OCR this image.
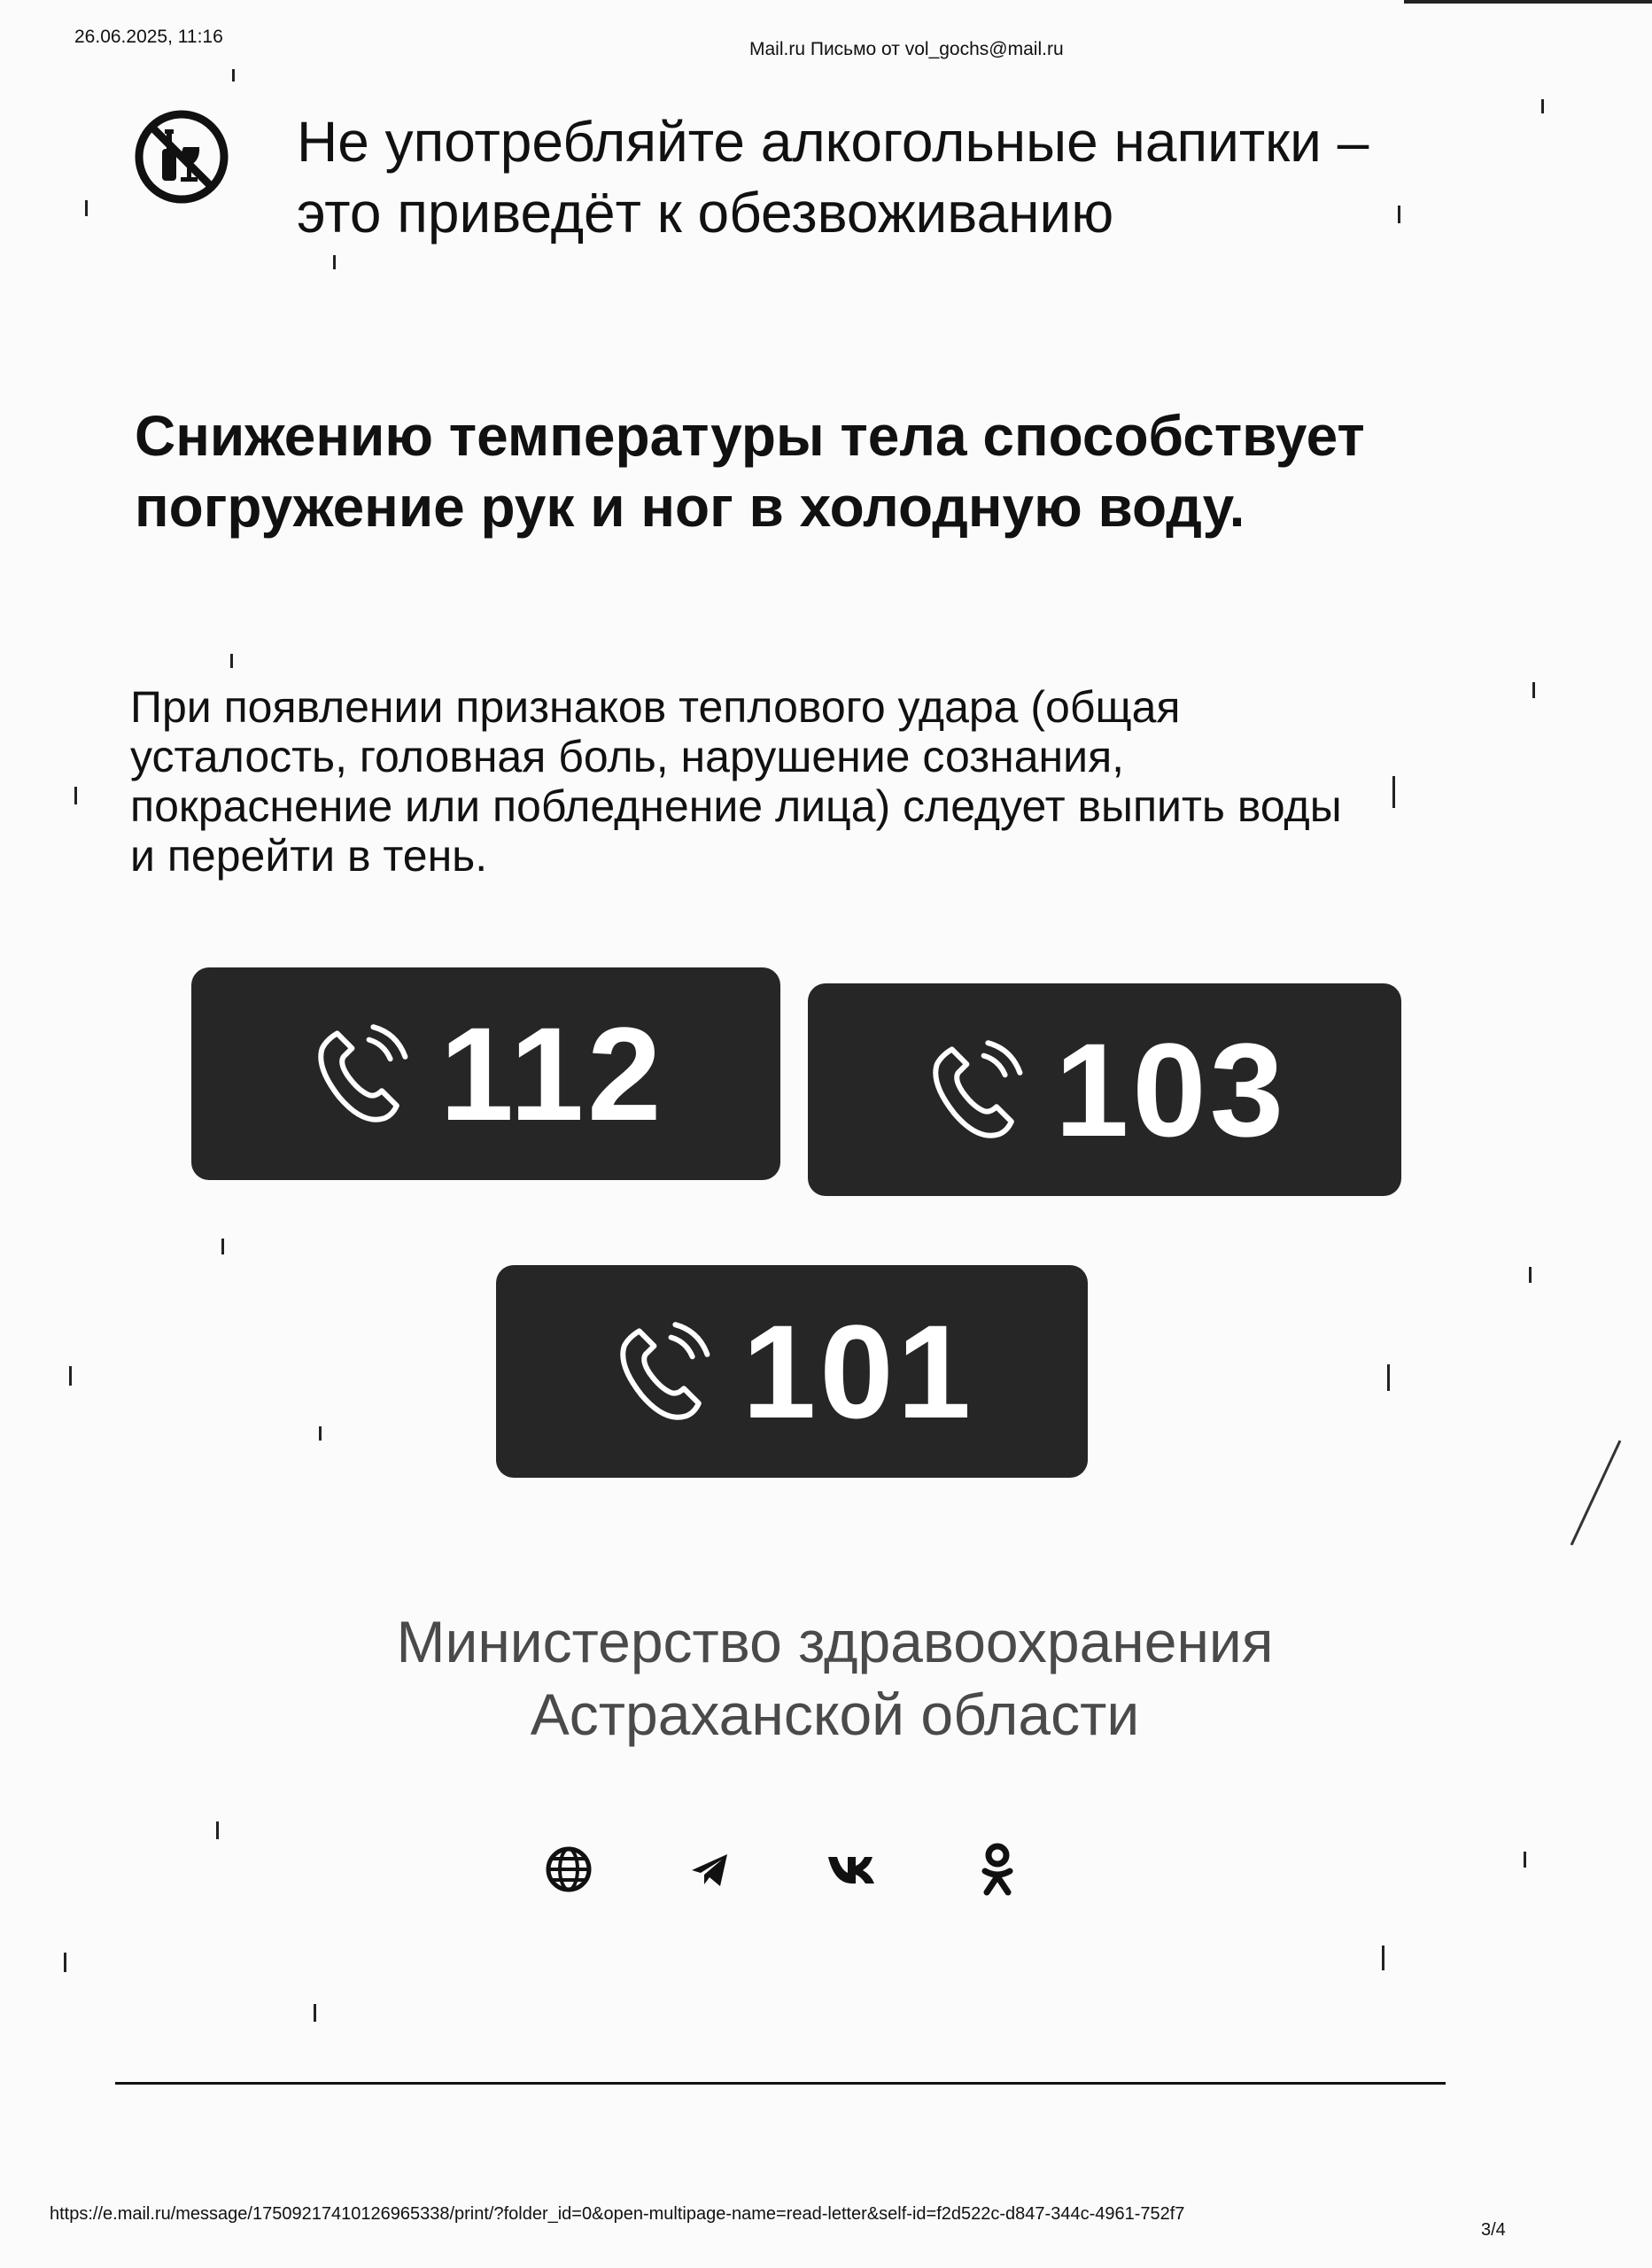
26.06.2025, 11:16
Mail.ru Письмо от vol_gochs@mail.ru
Не употребляйте алкогольные напитки –
это приведёт к обезвоживанию
Снижению температуры тела способствует
погружение рук и ног в холодную воду.
При появлении признаков теплового удара (общая
усталость, головная боль, нарушение сознания,
покраснение или побледнение лица) следует выпить воды
и перейти в тень.
112	103
101
Министерство здравоохранения
Астраханской области
https://e.mail.ru/message/17509217410126965338/print/?folder_id=0&open-multipage-name=read-letter&self-id=f2d522c-d847-344c-4961-752f7
3/4
